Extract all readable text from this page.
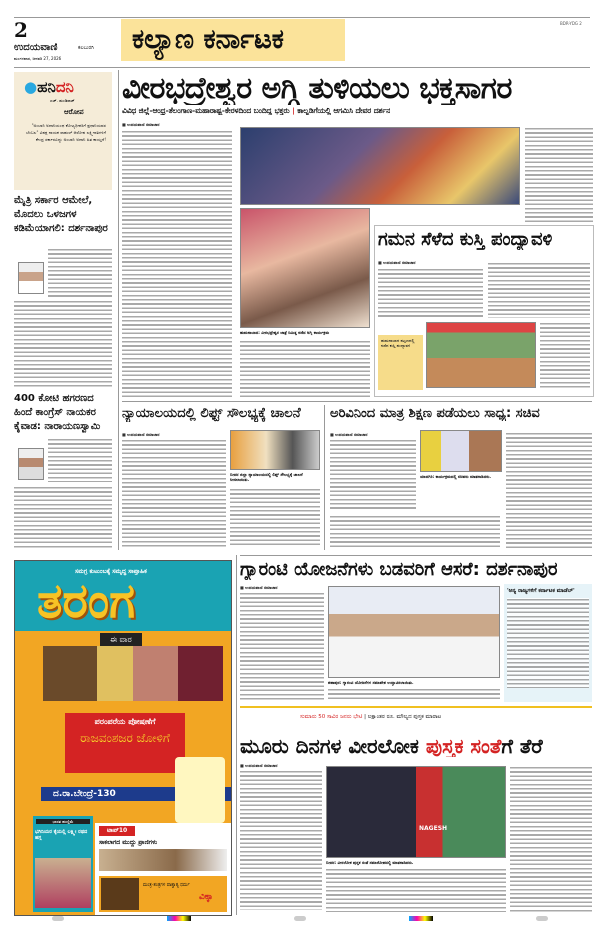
2
ಉದಯವಾಣಿ	ಕಲಬುರಗಿ
ಮಂಗಳವಾರ, ಜನವರಿ 27, 2026
ಕಲ್ಯಾಣ ಕರ್ನಾಟಕ
BDR-YDG 2
●ಹನಿದನಿ
ಎಚ್. ಡುಂಡಿರಾಜ್
ಆರೋಪ
"ಅಂಬಾನಿ ಅದಾನಿಯಂಥ ಕೋಟ್ಯಧೀಶರಿಗೆ ಪ್ರಧಾನಿಯವರ ಬೆಂಬಲ" ವಿಪಕ್ಷ ನಾಯಕ ರಾಹುಲ್ ಆರೋಪ ಲಕ್ಷ್ಮೀಪತಿಗಳಿಗೆ ಕೇಂದ್ರ ಸರ್ಕಾರವಿದ್ದು ಅಂಬಾನಿ ಅದಾನಿ ಹಿತ ಕಾಯ್ತದೆ!
ಮೈತ್ರಿ ಸರ್ಕಾರ ಆಮೇಲೆ, ಮೊದಲು ಒಳಜಗಳ ಕಡಿಮೆಯಾಗಲಿ: ದರ್ಶನಾಪುರ
400 ಕೋಟಿ ಹಗರಣದ ಹಿಂದೆ ಕಾಂಗ್ರೆಸ್ ನಾಯಕರ ಕೈವಾಡ: ನಾರಾಯಣಸ್ವಾಮಿ
ವೀರಭದ್ರೇಶ್ವರ ಅಗ್ಗಿ ತುಳಿಯಲು ಭಕ್ತಸಾಗರ
ವಿವಿಧ ಜಿಲ್ಲೆ-ಆಂಧ್ರ-ತೆಲಂಗಾಣ-ಮಹಾರಾಷ್ಟ್ರ-ಕೇರಳದಿಂದ ಬಂದಿದ್ದ ಭಕ್ತರು | ಕಾಲ್ನಡಿಗೆಯಲ್ಲಿ ಆಗಮಿಸಿ ದೇವರ ದರ್ಶನ
■ ಉದಯವಾಣಿ ಸಮಾಚಾರ
ಹುಮನಾಬಾದ: ವೀರಭದ್ರೇಶ್ವರ ಜಾತ್ರೆ ನಿಮಿತ್ತ ನಡೆದ ಅಗ್ನಿ ಕಾರ್ಯಕ್ರಮ
ಗಮನ ಸೆಳೆದ ಕುಸ್ತಿ ಪಂದ್ಯಾವಳಿ
■ ಉದಯವಾಣಿ ಸಮಾಚಾರ
ಹುಮನಾಬಾದ ಪಟ್ಟಣದಲ್ಲಿ ನಡೆದ ಕುಸ್ತಿ ಪಂದ್ಯಾವಳಿ
ನ್ಯಾಯಾಲಯದಲ್ಲಿ ಲಿಫ್ಟ್ ಸೌಲಭ್ಯಕ್ಕೆ ಚಾಲನೆ ಅರಿವಿನಿಂದ ಮಾತ್ರ ಶಿಕ್ಷಣ ಪಡೆಯಲು ಸಾಧ್ಯ: ಸಚಿವ
■ ಉದಯವಾಣಿ ಸಮಾಚಾರ
ಬೀದರ ಜಿಲ್ಲಾ ನ್ಯಾಯಾಲಯದಲ್ಲಿ ಲಿಫ್ಟ್ ಸೌಲಭ್ಯಕ್ಕೆ ಚಾಲನೆ ನೀಡಲಾಯಿತು.
■ ಉದಯವಾಣಿ ಸಮಾಚಾರ
ಯಾದಗಿರಿ: ಕಾರ್ಯಕ್ರಮದಲ್ಲಿ ಸಚಿವರು ಮಾತನಾಡಿದರು.
ಸಮಗ್ರ ಕುಟುಂಬಕ್ಕೆ ಸಮೃದ್ಧ ಸಾಪ್ತಾಹಿಕ
ತರಂಗ
ಈ ವಾರ
ಪರಂಪರೆಯ ಪೋಷಣೆಗೆ
ರಾಜವಂಶಜರ ಜೋಳಿಗೆ
ದ.ರಾ.ಬೇಂದ್ರೆ-130
ಭಾರತ ಹುಣ್ಣಿಮೆ
ಭಗಿನಿಯರ ಕೈಯಲ್ಲಿ ಲಕ್ಷ್ಮೀ ರಥದ ಹಗ್ಗ
ಟಾಪ್10
ಸಾಕಲಾಗದ ಮುದ್ದು ಪ್ರಾಣಿಗಳು
ಮಂತ್ರ-ತಂತ್ರಗಳ ಪಾಶ್ಚಾತ್ಯ ಧರ್ಮ
ವಿಕ್ಕಾ
ಗ್ಯಾರಂಟಿ ಯೋಜನೆಗಳು ಬಡವರಿಗೆ ಆಸರೆ: ದರ್ಶನಾಪುರ
■ ಉದಯವಾಣಿ ಸಮಾಚಾರ
ಶಹಾಪುರ: ಗ್ಯಾರಂಟಿ ಯೋಜನೆಗಳ ಸಮಾವೇಶ ಉದ್ಘಾಟಿಸಲಾಯಿತು.
'ಅನ್ಯ ರಾಜ್ಯಗಳಿಗೆ ಕರ್ನಾಟಕ ಮಾಡೆಲ್'
ಸುಮಾರು 50 ಸಾವಿರ ಜನರು ಭೇಟಿ | ಲಕ್ಷಾಂತರ ರೂ. ಮೌಲ್ಯದ ಪುಸ್ತಕ ಮಾರಾಟ
ಮೂರು ದಿನಗಳ ವೀರಲೋಕ ಪುಸ್ತಕ ಸಂತೆಗೆ ತೆರೆ
■ ಉದಯವಾಣಿ ಸಮಾಚಾರ
NAGESH
ಬೀದರ: ವೀರಲೋಕ ಪುಸ್ತಕ ಸಂತೆ ಸಮಾರೋಪದಲ್ಲಿ ಮಾತನಾಡಿದರು.
